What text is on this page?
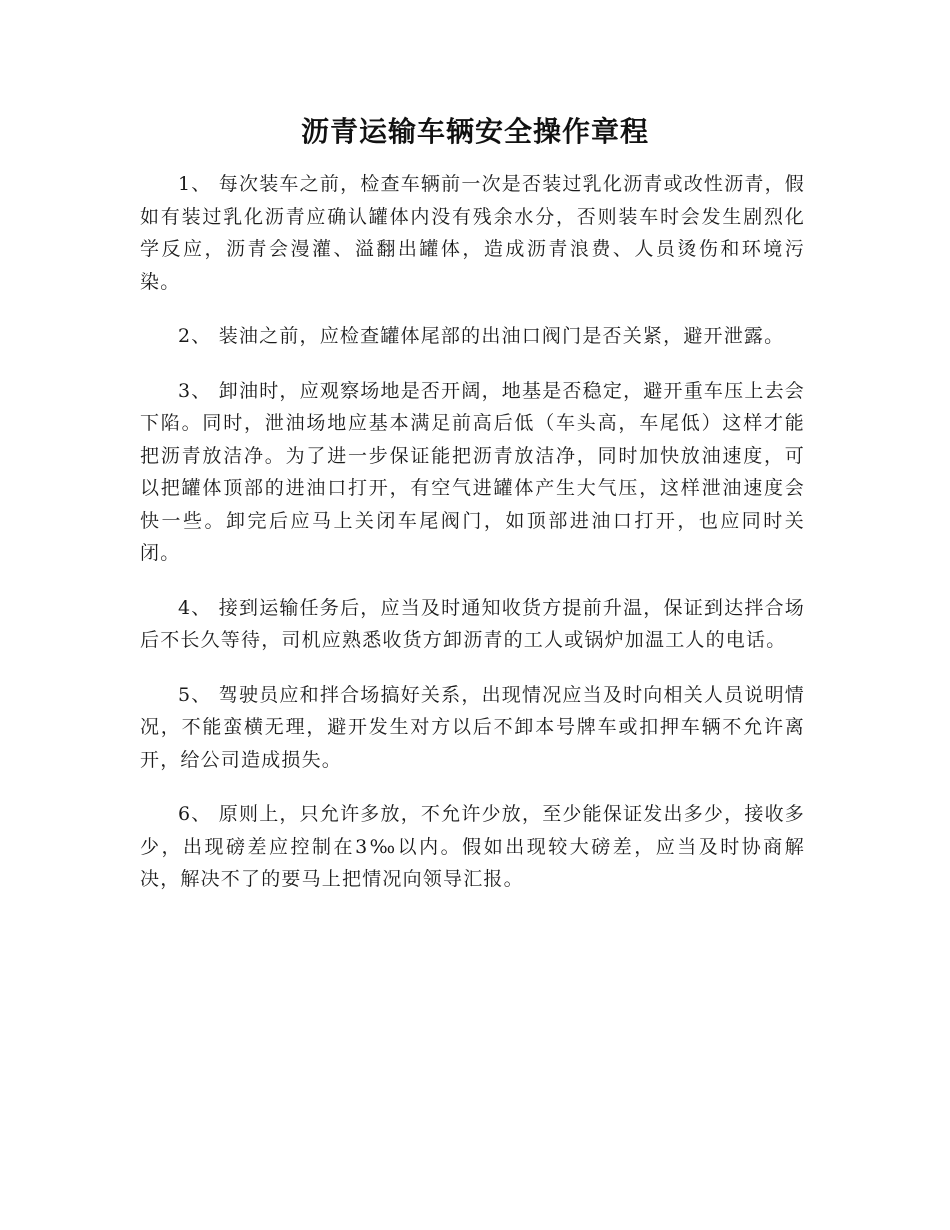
沥青运输车辆安全操作章程

1、 每次装车之前，检查车辆前一次是否装过乳化沥青或改性沥青，假如有装过乳化沥青应确认罐体内没有残余水分，否则装车时会发生剧烈化学反应，沥青会漫灌、溢翻出罐体，造成沥青浪费、人员烫伤和环境污染。

2、 装油之前，应检查罐体尾部的出油口阀门是否关紧，避开泄露。

3、 卸油时，应观察场地是否开阔，地基是否稳定，避开重车压上去会下陷。同时，泄油场地应基本满足前高后低（车头高，车尾低）这样才能把沥青放洁净。为了进一步保证能把沥青放洁净，同时加快放油速度，可以把罐体顶部的进油口打开，有空气进罐体产生大气压，这样泄油速度会快一些。卸完后应马上关闭车尾阀门，如顶部进油口打开，也应同时关闭。

4、 接到运输任务后，应当及时通知收货方提前升温，保证到达拌合场后不长久等待，司机应熟悉收货方卸沥青的工人或锅炉加温工人的电话。

5、 驾驶员应和拌合场搞好关系，出现情况应当及时向相关人员说明情况，不能蛮横无理，避开发生对方以后不卸本号牌车或扣押车辆不允许离开，给公司造成损失。

6、 原则上，只允许多放，不允许少放，至少能保证发出多少，接收多少，出现磅差应控制在3‰以内。假如出现较大磅差，应当及时协商解决，解决不了的要马上把情况向领导汇报。
